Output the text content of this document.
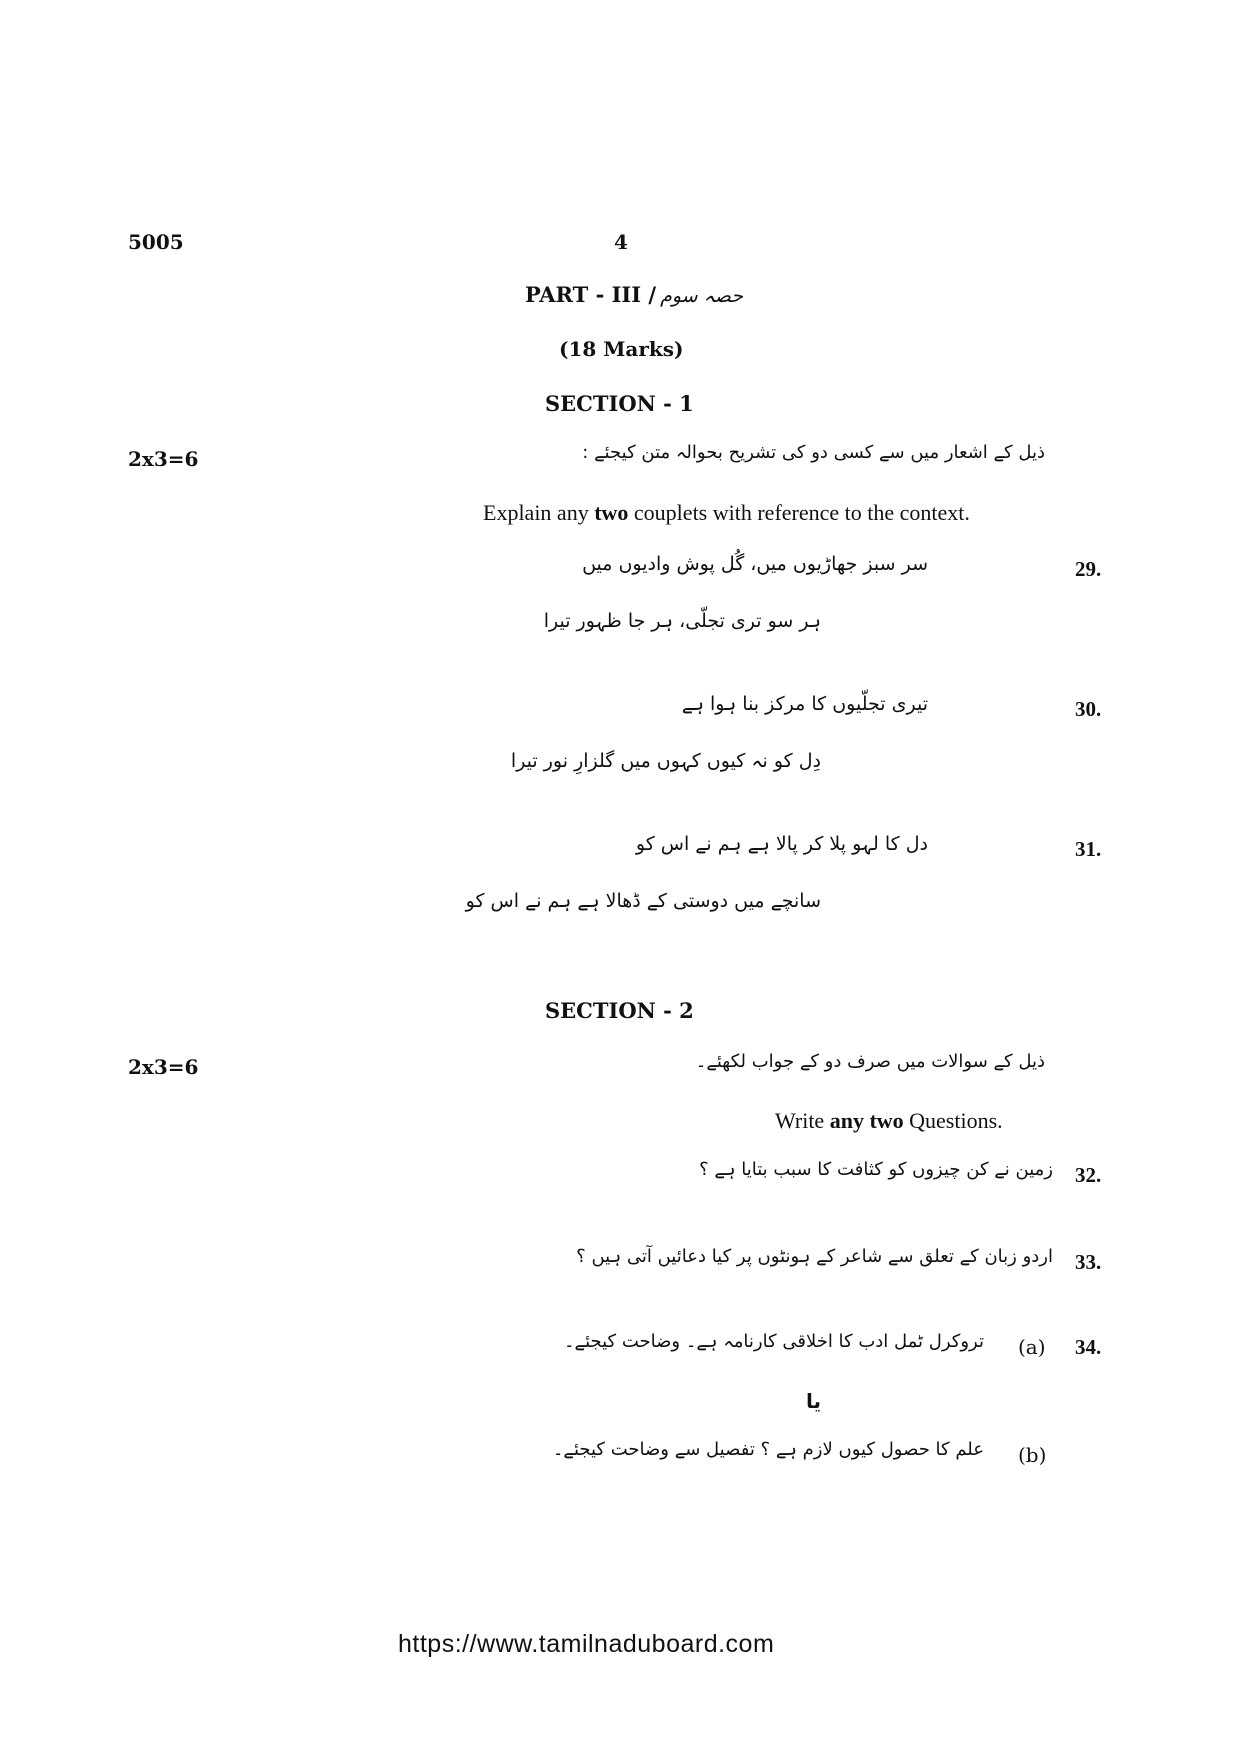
5005	4
PART - III / حصہ سوم
(18 Marks)
SECTION - 1
2x3=6	ذیل کے اشعار میں سے کسی دو کی تشریح بحوالہ متن کیجئے :
Explain any two couplets with reference to the context.
29.
سر سبز جھاڑیوں میں، گُل پوش وادیوں میں
ہر سو تری تجلّی، ہر جا ظہور تیرا
30.
تیری تجلّیوں کا مرکز بنا ہوا ہے
دِل کو نہ کیوں کہوں میں گلزارِ نور تیرا
31.
دل کا لہو پلا کر پالا ہے ہم نے اس کو
سانچے میں دوستی کے ڈھالا ہے ہم نے اس کو
SECTION - 2
2x3=6	ذیل کے سوالات میں صرف دو کے جواب لکھئے۔
Write any two Questions.
32.
زمین نے کن چیزوں کو کثافت کا سبب بتایا ہے ؟
33.
اردو زبان کے تعلق سے شاعر کے ہونٹوں پر کیا دعائیں آتی ہیں ؟
34.
(a)
تروکرل ٹمل ادب کا اخلاقی کارنامہ ہے۔ وضاحت کیجئے۔
یا
(b)
علم کا حصول کیوں لازم ہے ؟ تفصیل سے وضاحت کیجئے۔
https://www.tamilnaduboard.com
